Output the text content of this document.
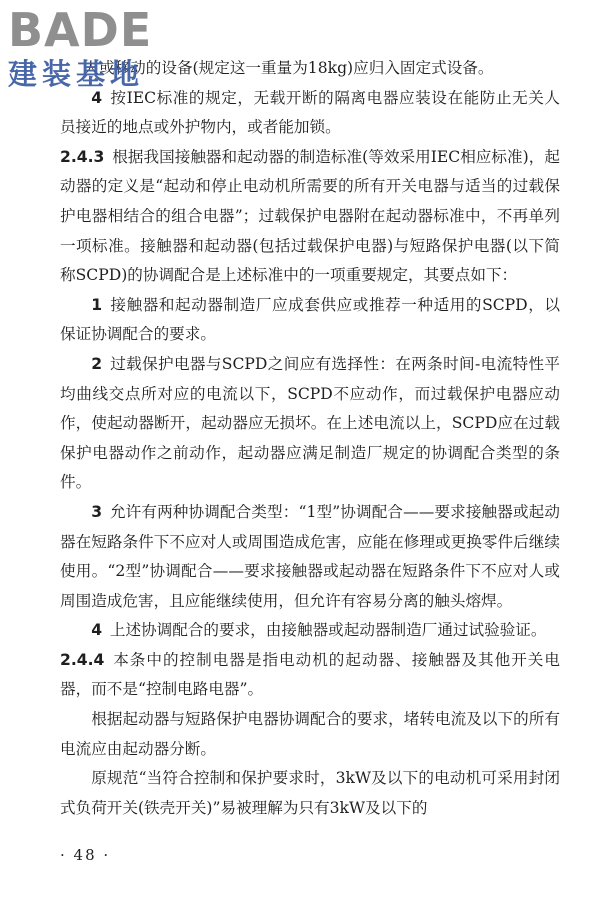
BADE
建装基地

人或移动的设备(规定这一重量为18kg)应归入固定式设备。

4  按IEC标准的规定，无载开断的隔离电器应装设在能防止无关人员接近的地点或外护物内，或者能加锁。

2.4.3 根据我国接触器和起动器的制造标准(等效采用IEC相应标准)，起动器的定义是“起动和停止电动机所需要的所有开关电器与适当的过载保护电器相结合的组合电器”；过载保护电器附在起动器标准中，不再单列一项标准。接触器和起动器(包括过载保护电器)与短路保护电器(以下简称SCPD)的协调配合是上述标准中的一项重要规定，其要点如下：

1  接触器和起动器制造厂应成套供应或推荐一种适用的SCPD，以保证协调配合的要求。

2  过载保护电器与SCPD之间应有选择性：在两条时间-电流特性平均曲线交点所对应的电流以下，SCPD不应动作，而过载保护电器应动作，使起动器断开，起动器应无损坏。在上述电流以上，SCPD应在过载保护电器动作之前动作，起动器应满足制造厂规定的协调配合类型的条件。

3  允许有两种协调配合类型：“1型”协调配合——要求接触器或起动器在短路条件下不应对人或周围造成危害，应能在修理或更换零件后继续使用。“2型”协调配合——要求接触器或起动器在短路条件下不应对人或周围造成危害，且应能继续使用，但允许有容易分离的触头熔焊。

4  上述协调配合的要求，由接触器或起动器制造厂通过试验验证。

2.4.4 本条中的控制电器是指电动机的起动器、接触器及其他开关电器，而不是“控制电路电器”。

根据起动器与短路保护电器协调配合的要求，堵转电流及以下的所有电流应由起动器分断。

原规范“当符合控制和保护要求时，3kW及以下的电动机可采用封闭式负荷开关(铁壳开关)”易被理解为只有3kW及以下的

· 48 ·
